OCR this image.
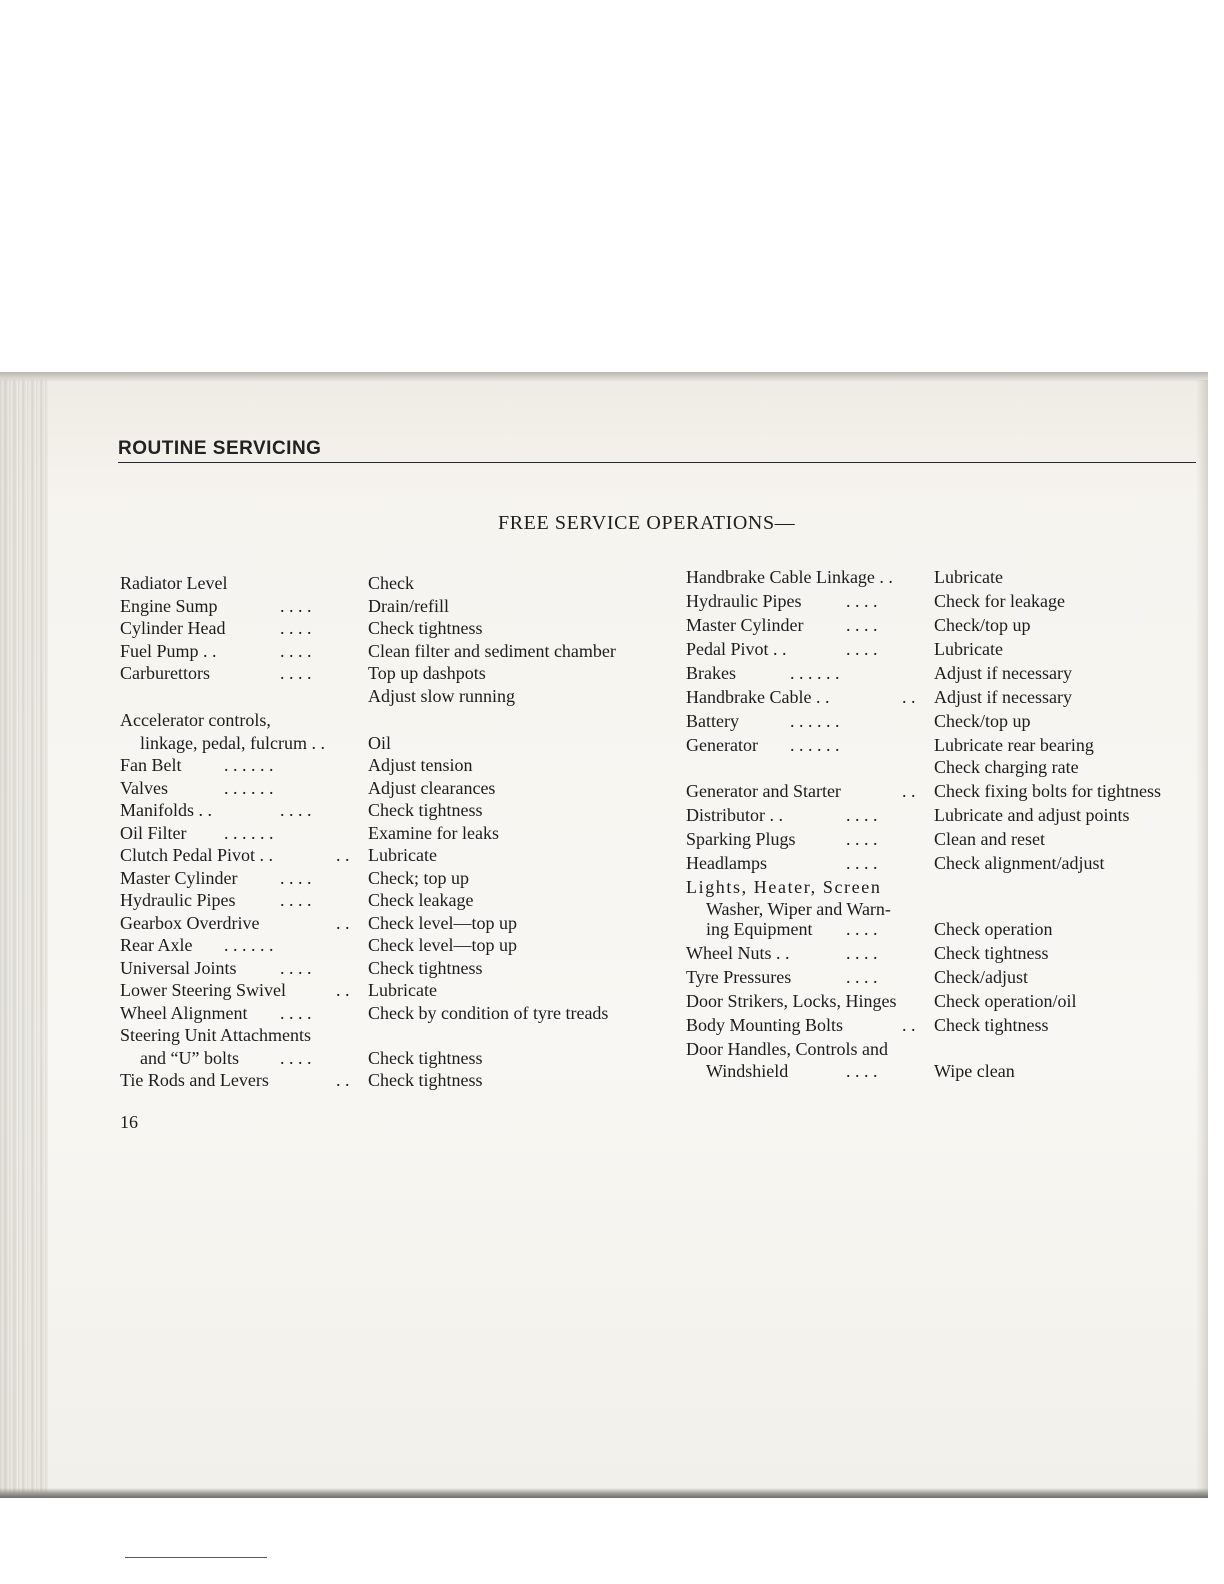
ROUTINE SERVICING
FREE SERVICE OPERATIONS—
Radiator Level	Check
Engine Sump	. . . .	Drain/refill
Cylinder Head	. . . .	Check tightness
Fuel Pump . .	. . . .	Clean filter and sediment chamber
Carburettors	. . . .	Top up dashpots
Adjust slow running
Accelerator controls,
linkage, pedal, fulcrum . . Oil
Fan Belt . . . . . .	Adjust tension
Valves	. . . . . .	Adjust clearances
Manifolds . .	. . . .	Check tightness
Oil Filter . . . . . .	Examine for leaks
Clutch Pedal Pivot . .	. . Lubricate
Master Cylinder . . . .	Check; top up
Hydraulic Pipes . . . .	Check leakage
Gearbox Overdrive	. . Check level—top up
Rear Axle . . . . . .	Check level—top up
Universal Joints . . . .	Check tightness
Lower Steering Swivel	. . Lubricate
Wheel Alignment . . . .	Check by condition of tyre treads
Steering Unit Attachments
and “U” bolts . . . .	Check tightness
Tie Rods and Levers	. . Check tightness
Handbrake Cable Linkage . . Lubricate
Hydraulic Pipes . . . .	Check for leakage
Master Cylinder . . . .	Check/top up
Pedal Pivot . .	. . . .	Lubricate
Brakes	. . . . . .	Adjust if necessary
Handbrake Cable . .	. . Adjust if necessary
Battery	. . . . . .	Check/top up
Generator . . . . . .	Lubricate rear bearing
Check charging rate
Generator and Starter	. . Check fixing bolts for tightness
Distributor . .	. . . .	Lubricate and adjust points
Sparking Plugs	. . . .	Clean and reset
Headlamps	. . . .	Check alignment/adjust
Lights, Heater, Screen
Washer, Wiper and Warn-
ing Equipment . . . .	Check operation
Wheel Nuts . .	. . . .	Check tightness
Tyre Pressures	. . . .	Check/adjust
Door Strikers, Locks, Hinges Check operation/oil
Body Mounting Bolts	. . Check tightness
Door Handles, Controls and
Windshield	. . . .	Wipe clean
16
